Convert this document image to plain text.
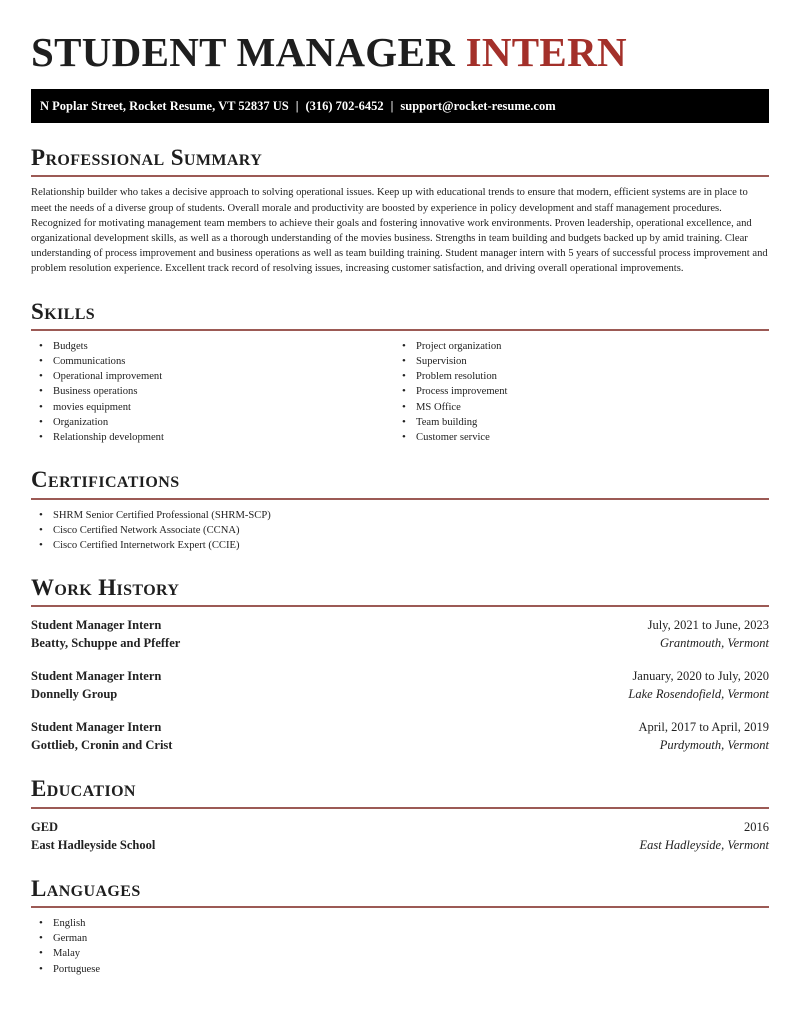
STUDENT MANAGER INTERN
N Poplar Street, Rocket Resume, VT 52837 US | (316) 702-6452 | support@rocket-resume.com
Professional Summary

Relationship builder who takes a decisive approach to solving operational issues. Keep up with educational trends to ensure that modern, efficient systems are in place to meet the needs of a diverse group of students. Overall morale and productivity are boosted by experience in policy development and staff management procedures. Recognized for motivating management team members to achieve their goals and fostering innovative work environments. Proven leadership, operational excellence, and organizational development skills, as well as a thorough understanding of the movies business. Strengths in team building and budgets backed up by amid training. Clear understanding of process improvement and business operations as well as team building training. Student manager intern with 5 years of successful process improvement and problem resolution experience. Excellent track record of resolving issues, increasing customer satisfaction, and driving overall operational improvements.

Skills
• Budgets
• Communications
• Operational improvement
• Business operations
• movies equipment
• Organization
• Relationship development
• Project organization
• Supervision
• Problem resolution
• Process improvement
• MS Office
• Team building
• Customer service
Certifications
• SHRM Senior Certified Professional (SHRM-SCP)
• Cisco Certified Network Associate (CCNA)
• Cisco Certified Internetwork Expert (CCIE)
Work History
Student Manager Intern	July, 2021 to June, 2023
Beatty, Schuppe and Pfeffer	Grantmouth, Vermont
Student Manager Intern	January, 2020 to July, 2020
Donnelly Group	Lake Rosendofield, Vermont
Student Manager Intern	April, 2017 to April, 2019
Gottlieb, Cronin and Crist	Purdymouth, Vermont
Education
GED	2016
East Hadleyside School	East Hadleyside, Vermont
Languages
• English
• German
• Malay
• Portuguese
